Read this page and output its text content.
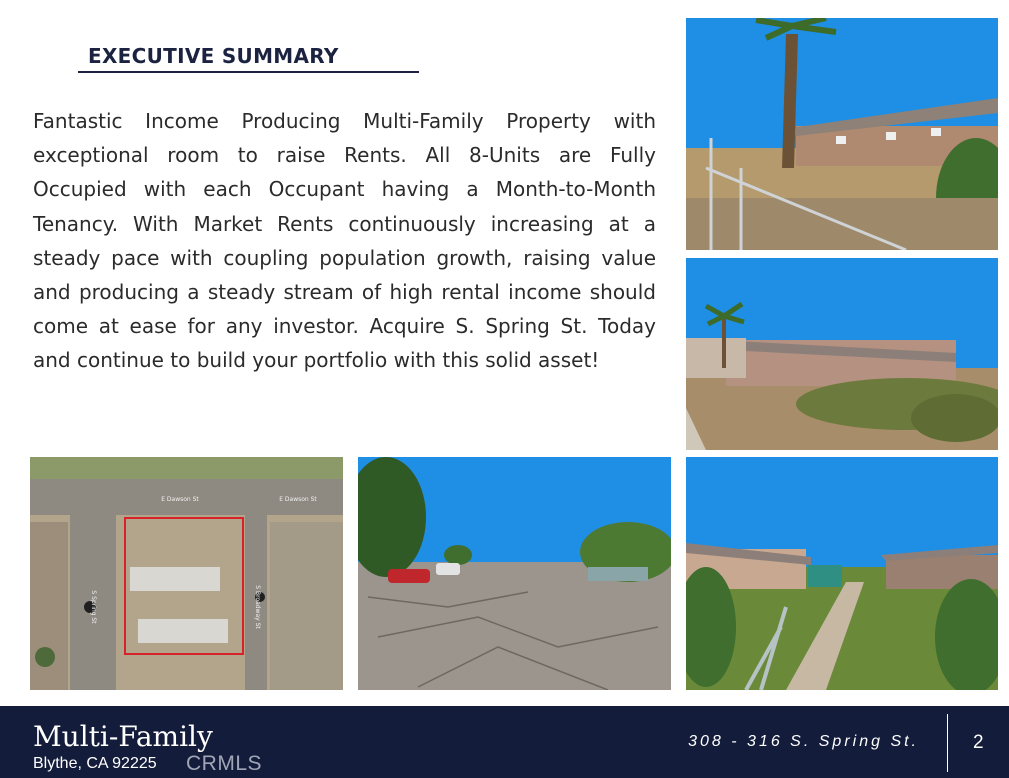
EXECUTIVE SUMMARY

Fantastic Income Producing Multi-Family Property with exceptional room to raise Rents. All 8-Units are Fully Occupied with each Occupant having a Month-to-Month Tenancy. With Market Rents continuously increasing at a steady pace with coupling population growth, raising value and producing a steady stream of high rental income should come at ease for any investor. Acquire S. Spring St. Today and continue to build your portfolio with this solid asset!

E Dawson St	E Dawson St
S Spring St	S Broadway St
Multi-Family
Blythe, CA 92225 CRMLS
308 - 316 S. Spring St.	2
